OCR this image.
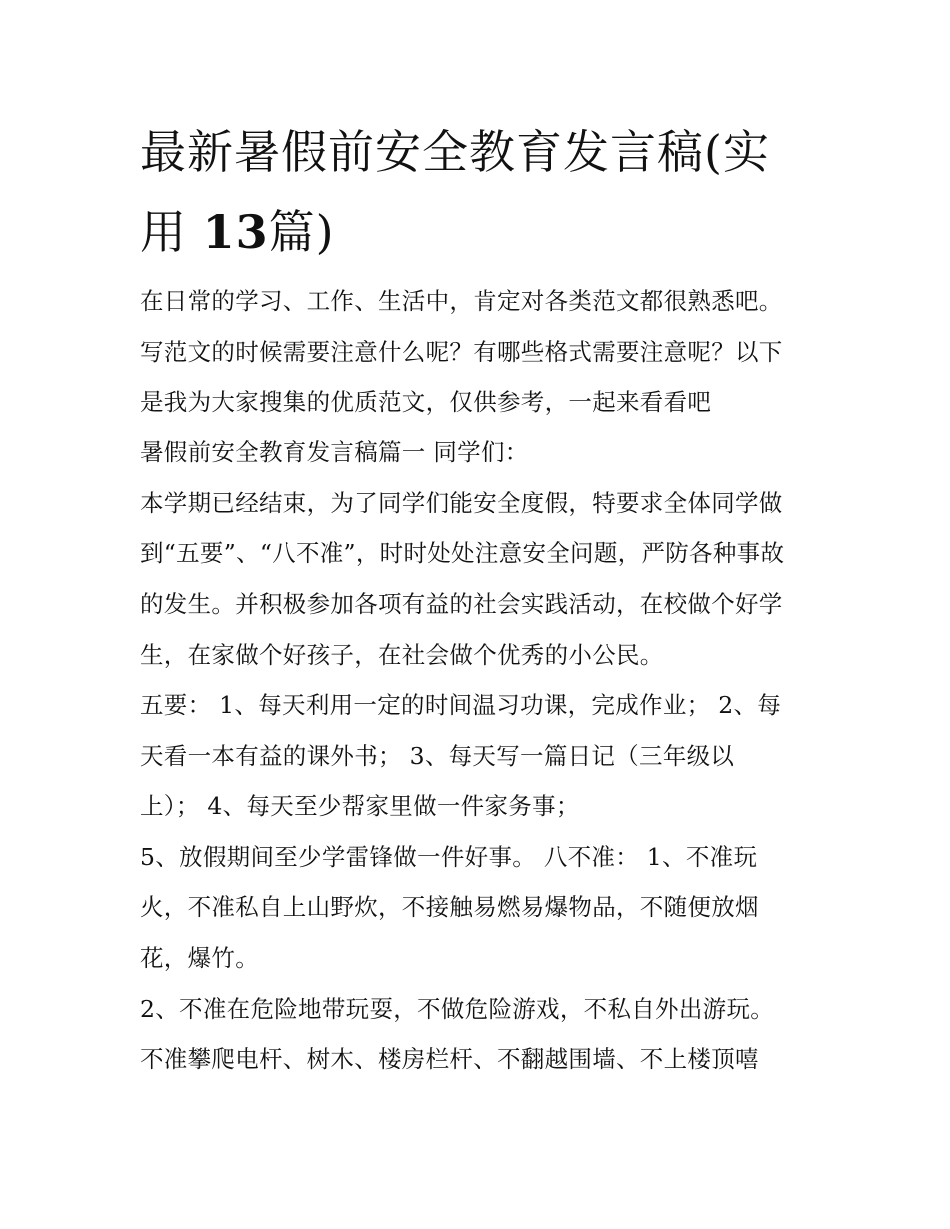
最新暑假前安全教育发言稿(实
用 13篇)
在日常的学习、工作、生活中，肯定对各类范文都很熟悉吧。
写范文的时候需要注意什么呢？有哪些格式需要注意呢？以下
是我为大家搜集的优质范文，仅供参考，一起来看看吧
暑假前安全教育发言稿篇一 同学们：
本学期已经结束，为了同学们能安全度假，特要求全体同学做
到“五要”、“八不准”，时时处处注意安全问题，严防各种事故
的发生。并积极参加各项有益的社会实践活动，在校做个好学
生，在家做个好孩子，在社会做个优秀的小公民。
五要： 1、每天利用一定的时间温习功课，完成作业； 2、每
天看一本有益的课外书； 3、每天写一篇日记（三年级以
上）； 4、每天至少帮家里做一件家务事；
5、放假期间至少学雷锋做一件好事。 八不准： 1、不准玩
火，不准私自上山野炊，不接触易燃易爆物品，不随便放烟
花，爆竹。
2、不准在危险地带玩耍，不做危险游戏，不私自外出游玩。
不准攀爬电杆、树木、楼房栏杆、不翻越围墙、不上楼顶嘻
